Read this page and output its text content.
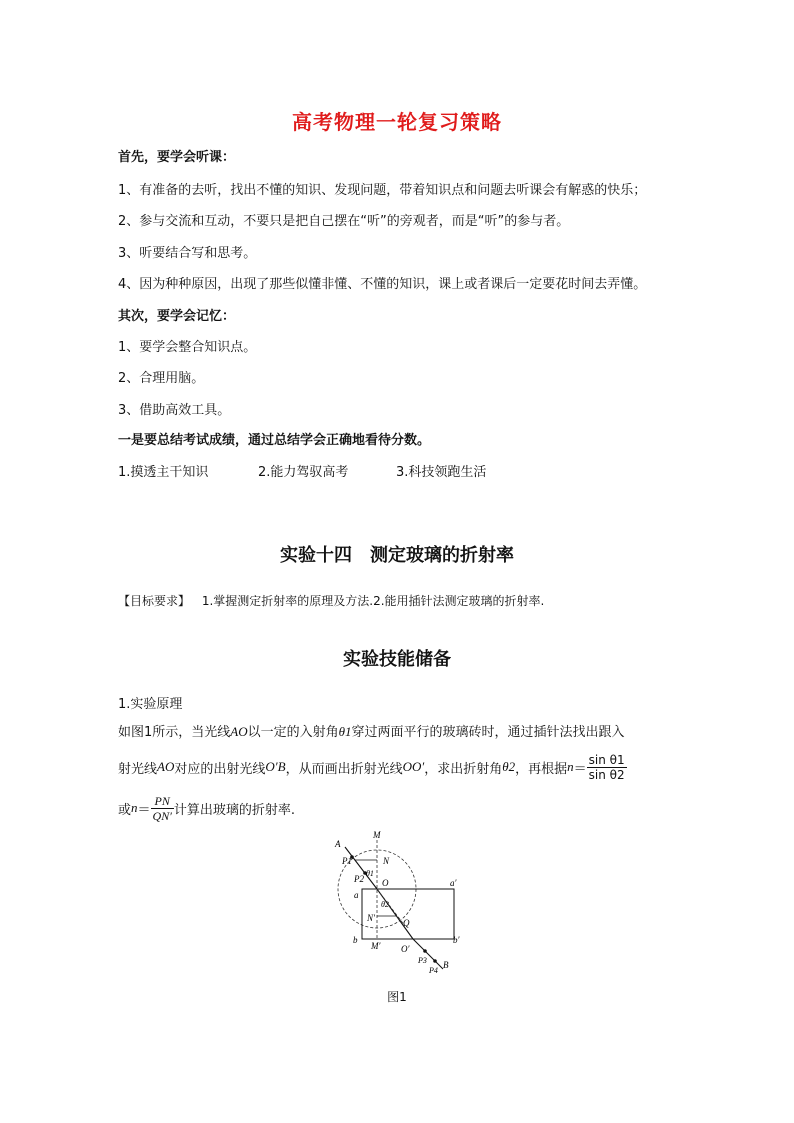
高考物理一轮复习策略
首先，要学会听课：
1、有准备的去听，找出不懂的知识、发现问题，带着知识点和问题去听课会有解惑的快乐；
2、参与交流和互动，不要只是把自己摆在“听”的旁观者，而是“听”的参与者。
3、听要结合写和思考。
4、因为种种原因，出现了那些似懂非懂、不懂的知识，课上或者课后一定要花时间去弄懂。
其次，要学会记忆：
1、要学会整合知识点。
2、合理用脑。
3、借助高效工具。
一是要总结考试成绩，通过总结学会正确地看待分数。
1.摸透主干知识	2.能力驾驭高考	3.科技领跑生活
实验十四　测定玻璃的折射率
【目标要求】 1.掌握测定折射率的原理及方法.2.能用插针法测定玻璃的折射率.
实验技能储备
1.实验原理
如图1所示，当光线AO以一定的入射角θ1穿过两面平行的玻璃砖时，通过插针法找出跟入
射光线 AO 对应的出射光线 O′B ，从而画出折射光线 OO′ ，求出折射角 θ2 ，再根据 $n = \frac{\text{sin θ1}}{\text{sin θ2}}$
或 $n = \frac{PN}{QN'}$ 计算出玻璃的折射率.
A
M
P1
P2
N
θ1
O
a
a′
θ2
N′	Q
b
M′ O′
P3
b′
P4
B
图1
